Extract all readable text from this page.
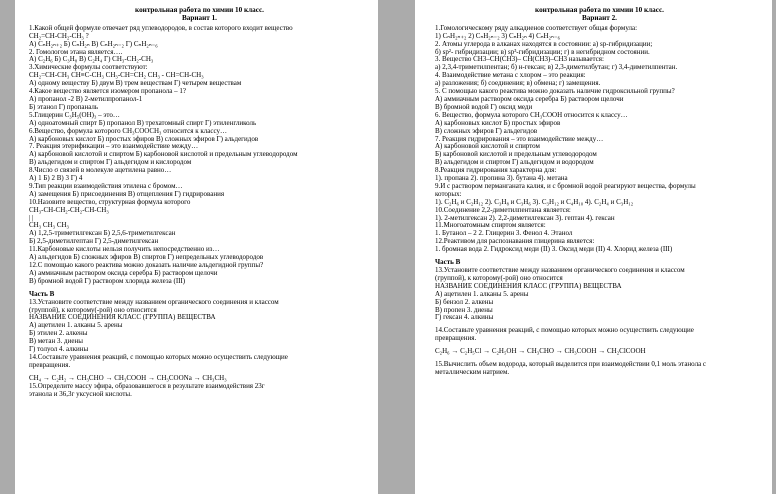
контрольная работа по химии 10 класс.
Вариант 1.
1.Какой общей формуле отвечает ряд углеводородов, в состав которого входит вещество
CH₂=CH-CH₂-CH₃ ?
А) CₙH₂ₙ₊₂ Б) CₙH₂ₙ В) CₙH₂ₙ₋₂ Г) CₙH₂ₙ₋₆
2. Гомологом этана является….
А) C₂H₆ Б) C₃H₈ В) C₂H₄ Г) CH₃-CH₂-CH₃
3.Химические формулы соответствуют:
CH₂=CH-CH₃ CH≡C-CH₃ CH₃-CH=CH₂ CH₃ - CH=CH-CH₃
А) одному веществу Б) двум В) трем веществам Г) четырем веществам
4.Какое вещество является изомером пропанола – 1?
А) пропанол -2 В) 2-метилпропанол-1
Б) этанол Г) пропаналь
5.Глицерин C₃H₅(OH)₃ – это…
А) одноатомный спирт Б) пропанол В) трехатомный спирт Г) этиленгликоль
6.Вещество, формула которого CH₃COOCH₃ относится к классу…
А) карбоновых кислот Б) простых эфиров В) сложных эфиров Г) альдегидов
7. Реакция этерификации – это взаимодействие между…
А) карбоновой кислотой и спиртом Б) карбоновой кислотой и предельным углеводородом
В) альдегидом и спиртом Г) альдегидом и кислородом
8.Число σ связей в молекуле ацетилена равно…
А) 1 Б) 2 В) 3 Г) 4
9.Тип реакции взаимодействия этилена с бромом…
А) замещения Б) присоединения В) отщепления Г) гидрирования
10.Назовите вещество, структурная формула которого
CH₃-CH-CH₂-CH₂-CH-CH₃
| |
CH₃ CH₃ CH₃
А) 1,2,5-триметилгексан Б) 2,5,6-триметилгексан
Б) 2,5-диметилгептан Г) 2,5-диметилгексан
11.Карбоновые кислоты нельзя получить непосредственно из…
А) альдегидов Б) сложных эфиров В) спиртов Г) непредельных углеводородов
12.С помощью какого реактива можно доказать наличие альдегидной группы?
А) аммиачным раствором оксида серебра Б) раствором щелочи
В) бромной водой Г) раствором хлорида железа (III)
Часть В
13.Установите соответствие между названием органического соединения и классом
(группой), к которому(-рой) оно относится
НАЗВАНИЕ СОЕДИНЕНИЯ КЛАСС (ГРУППА) ВЕЩЕСТВА
А) ацетилен 1. алканы 5. арены
Б) этилен 2. алкены
В) метан 3. диены
Г) толуол 4. алкины
14.Составьте уравнения реакций, с помощью которых можно осуществить следующие
превращения.
CH₄ → C₂H₂ → CH₃CHO → CH₃COOH → CH₃COONa → CH₃CH₃
15.Определите массу эфира, образовавшегося в результате взаимодействия 23г
этанола и 36,3г уксусной кислоты.
контрольная работа по химии 10 класс.
Вариант 2.
1.Гомологическому ряду алкадиенов соответствует общая формула:
1) CₙH₂ₙ₊₂ 2) CₙH₂ₙ₋₂ 3) CₙH₂ₙ 4) CₙH₂ₙ₋₆
2. Атомы углерода в алканах находятся в состоянии: а) sp-гибридизации;
б) sp²- гибридизации; в) sp³-гибридизации; г) в негибридном состоянии.
3. Вещество CH3–CH(CH3)– CH(CH3)–CH3 называется:
а) 2,3,4-триметилпентан; б) н-гексан; в) 2,3-диметилбутан; г) 3,4-диметилпентан.
4. Взаимодействие метана с хлором – это реакция:
а) разложения; б) соединения; в) обмена; г) замещения.
5. С помощью какого реактива можно доказать наличие гидроксильной группы?
А) аммиачным раствором оксида серебра Б) раствором щелочи
В) бромной водой Г) оксид меди
6. Вещество, формула которого CH₃COOH относится к классу…
А) карбоновых кислот Б) простых эфиров
В) сложных эфиров Г) альдегидов
7. Реакция гидрирования – это взаимодействие между…
А) карбоновой кислотой и спиртом
Б) карбоновой кислотой и предельным углеводородом
В) альдегидом и спиртом Г) альдегидом и водородом
8.Реакция гидрирования характерна для:
1). пропана 2). пропина 3). бутана 4). метана
9.И с раствором перманганата калия, и с бромной водой реагируют вещества, формулы
которых:
1). C₂H₆ и C₂H₁₂ 2). C₃H₈ и C₃H₆ 3). C₃H₁₂ и C₄H₁₀ 4). C₂H₄ и C₃H₁₂
10.Соединение 2,2-диметилпентана является:
1). 2-метилгексан 2). 2,2-диметилгексан 3). гептан 4). гексан
11.Многоатомным спиртом является:
1. Бутанол – 2 2. Глицерин 3. Фенол 4. Этанол
12.Реактивом для распознавания глицерина является:
1. бромная вода 2. Гидроксид меди (II) 3. Оксид меди (II) 4. Хлорид железа (III)
Часть В
13.Установите соответствие между названием органического соединения и классом
(группой), к которому(-рой) оно относится
НАЗВАНИЕ СОЕДИНЕНИЯ КЛАСС (ГРУППА) ВЕЩЕСТВА
А) ацетилен 1. алканы 5. арены
Б) бензол 2. алкены
В) пропен 3. диены
Г) гексан 4. алкины
14.Составьте уравнения реакций, с помощью которых можно осуществить следующие
превращения.
C₂H₆ → C₂H₅Cl → C₂H₅OH → CH₃CHO → CH₃COOH → CH₂ClCOOH
15.Вычислить объем водорода, который выделится при взаимодействии 0,1 моль этанола с
металлическим натрием.
